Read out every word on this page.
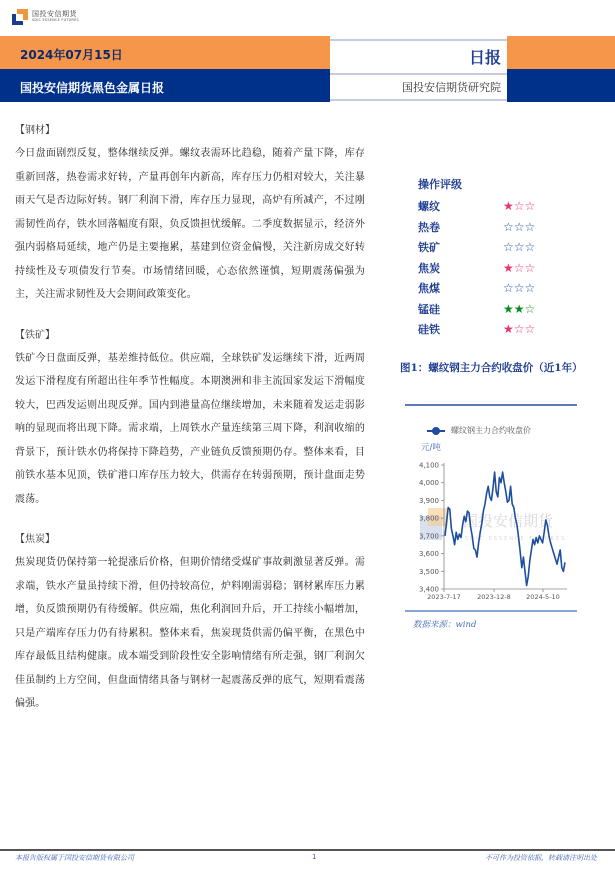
国投安信期货
SDIC ESSENCE FUTURES
2024年07月15日
国投安信期货黑色金属日报
日报
国投安信期货研究院
【钢材】

今日盘面剧烈反复，整体继续反弹。螺纹表需环比趋稳，随着产量下降，库存重新回落，热卷需求好转，产量再创年内新高，库存压力仍相对较大，关注暴雨天气是否边际好转。钢厂利润下滑，库存压力显现，高炉有所减产，不过刚需韧性尚存，铁水回落幅度有限，负反馈担忧缓解。二季度数据显示，经济外强内弱格局延续，地产仍是主要拖累，基建到位资金偏慢，关注新房成交好转持续性及专项债发行节奏。市场情绪回暖，心态依然谨慎，短期震荡偏强为主，关注需求韧性及大会期间政策变化。

【铁矿】

铁矿今日盘面反弹，基差维持低位。供应端，全球铁矿发运继续下滑，近两周发运下滑程度有所超出往年季节性幅度。本期澳洲和非主流国家发运下滑幅度较大，巴西发运则出现反弹。国内到港量高位继续增加，未来随着发运走弱影响的显现而将出现下降。需求端，上周铁水产量连续第三周下降，利润收缩的背景下，预计铁水仍将保持下降趋势，产业链负反馈预期仍存。整体来看，目前铁水基本见顶，铁矿港口库存压力较大，供需存在转弱预期，预计盘面走势震荡。

【焦炭】

焦炭现货仍保持第一轮提涨后价格，但期价情绪受煤矿事故刺激显著反弹。需求端，铁水产量虽持续下滑，但仍持较高位，炉料刚需弱稳；钢材累库压力累增，负反馈预期仍有待缓解。供应端，焦化利润回升后，开工持续小幅增加，只是产端库存压力仍有待累积。整体来看，焦炭现货供需仍偏平衡，在黑色中库存最低且结构健康。成本端受到阶段性安全影响情绪有所走强，钢厂利润欠佳虽制约上方空间，但盘面情绪具备与钢材一起震荡反弹的底气，短期看震荡偏强。

操作评级
螺纹	★☆☆
热卷	☆☆☆
铁矿	☆☆☆
焦炭	★☆☆
焦煤	☆☆☆
锰硅	★★☆
硅铁	★☆☆
图1：螺纹钢主力合约收盘价（近1年）
螺纹钢主力合约收盘价
元/吨
国投安信期货
SDIC ESSENCE FUTURES
3,400
3,500
3,600
3,700
3,800
3,900
4,000
4,100
2023-7-17	2023-12-8 2024-5-10
数据来源：wind
本报告版权属于国投安信期货有限公司	1	不可作为投资依据，转载请注明出处
